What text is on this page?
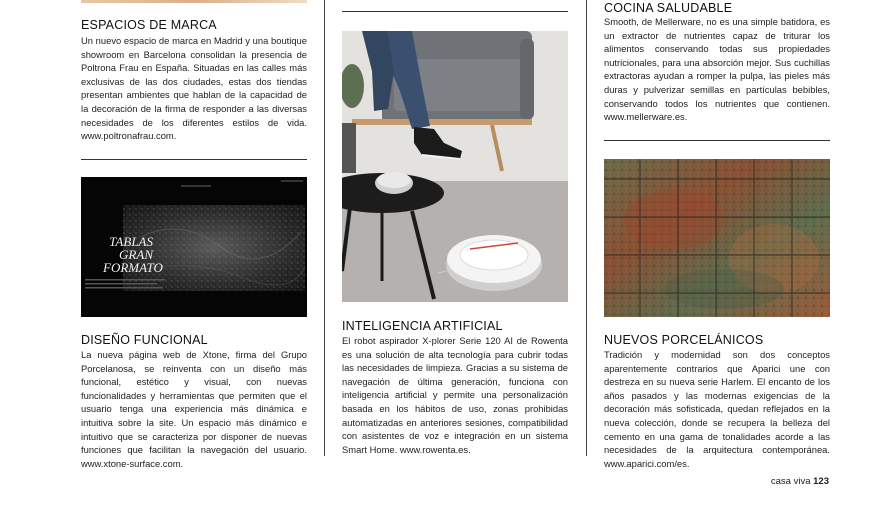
ESPACIOS DE MARCA

Un nuevo espacio de marca en Madrid y una boutique showroom en Barcelona consolidan la presencia de Poltrona Frau en España. Situadas en las calles más exclusivas de las dos ciudades, estas dos tiendas presentan ambientes que hablan de la capacidad de la decoración de la firma de responder a las diversas necesidades de los diferentes estilos de vida. www.poltronafrau.com.

TABLAS
GRAN
FORMATO
DISEÑO FUNCIONAL

La nueva página web de Xtone, firma del Grupo Porcelanosa, se reinventa con un diseño más funcional, estético y visual, con nuevas funcionalidades y herramientas que permiten que el usuario tenga una experiencia más dinámica e intuitiva sobre la site. Un espacio más dinámico e intuitivo que se caracteriza por disponer de nuevas funciones que facilitan la navegación del usuario. www.xtone-surface.com.

INTELIGENCIA ARTIFICIAL

El robot aspirador X-plorer Serie 120 AI de Rowenta es una solución de alta tecnología para cubrir todas las necesidades de limpieza. Gracias a su sistema de navegación de última generación, funciona con inteligencia artificial y permite una personalización basada en los hábitos de uso, zonas prohibidas automatizadas en anteriores sesiones, compatibilidad con asistentes de voz e integración en un sistema Smart Home. www.rowenta.es.

COCINA SALUDABLE

Smooth, de Mellerware, no es una simple batidora, es un extractor de nutrientes capaz de triturar los alimentos conservando todas sus propiedades nutricionales, para una absorción mejor. Sus cuchillas extractoras ayudan a romper la pulpa, las pieles más duras y pulverizar semillas en partículas bebibles, conservando todos los nutrientes que contienen. www.mellerware.es.

NUEVOS PORCELÁNICOS

Tradición y modernidad son dos conceptos aparentemente contrarios que Aparici une con destreza en su nueva serie Harlem. El encanto de los años pasados y las modernas exigencias de la decoración más sofisticada, quedan reflejados en la nueva colección, donde se recupera la belleza del cemento en una gama de tonalidades acorde a las necesidades de la arquitectura contemporánea. www.aparici.com/es.

casa viva 123
